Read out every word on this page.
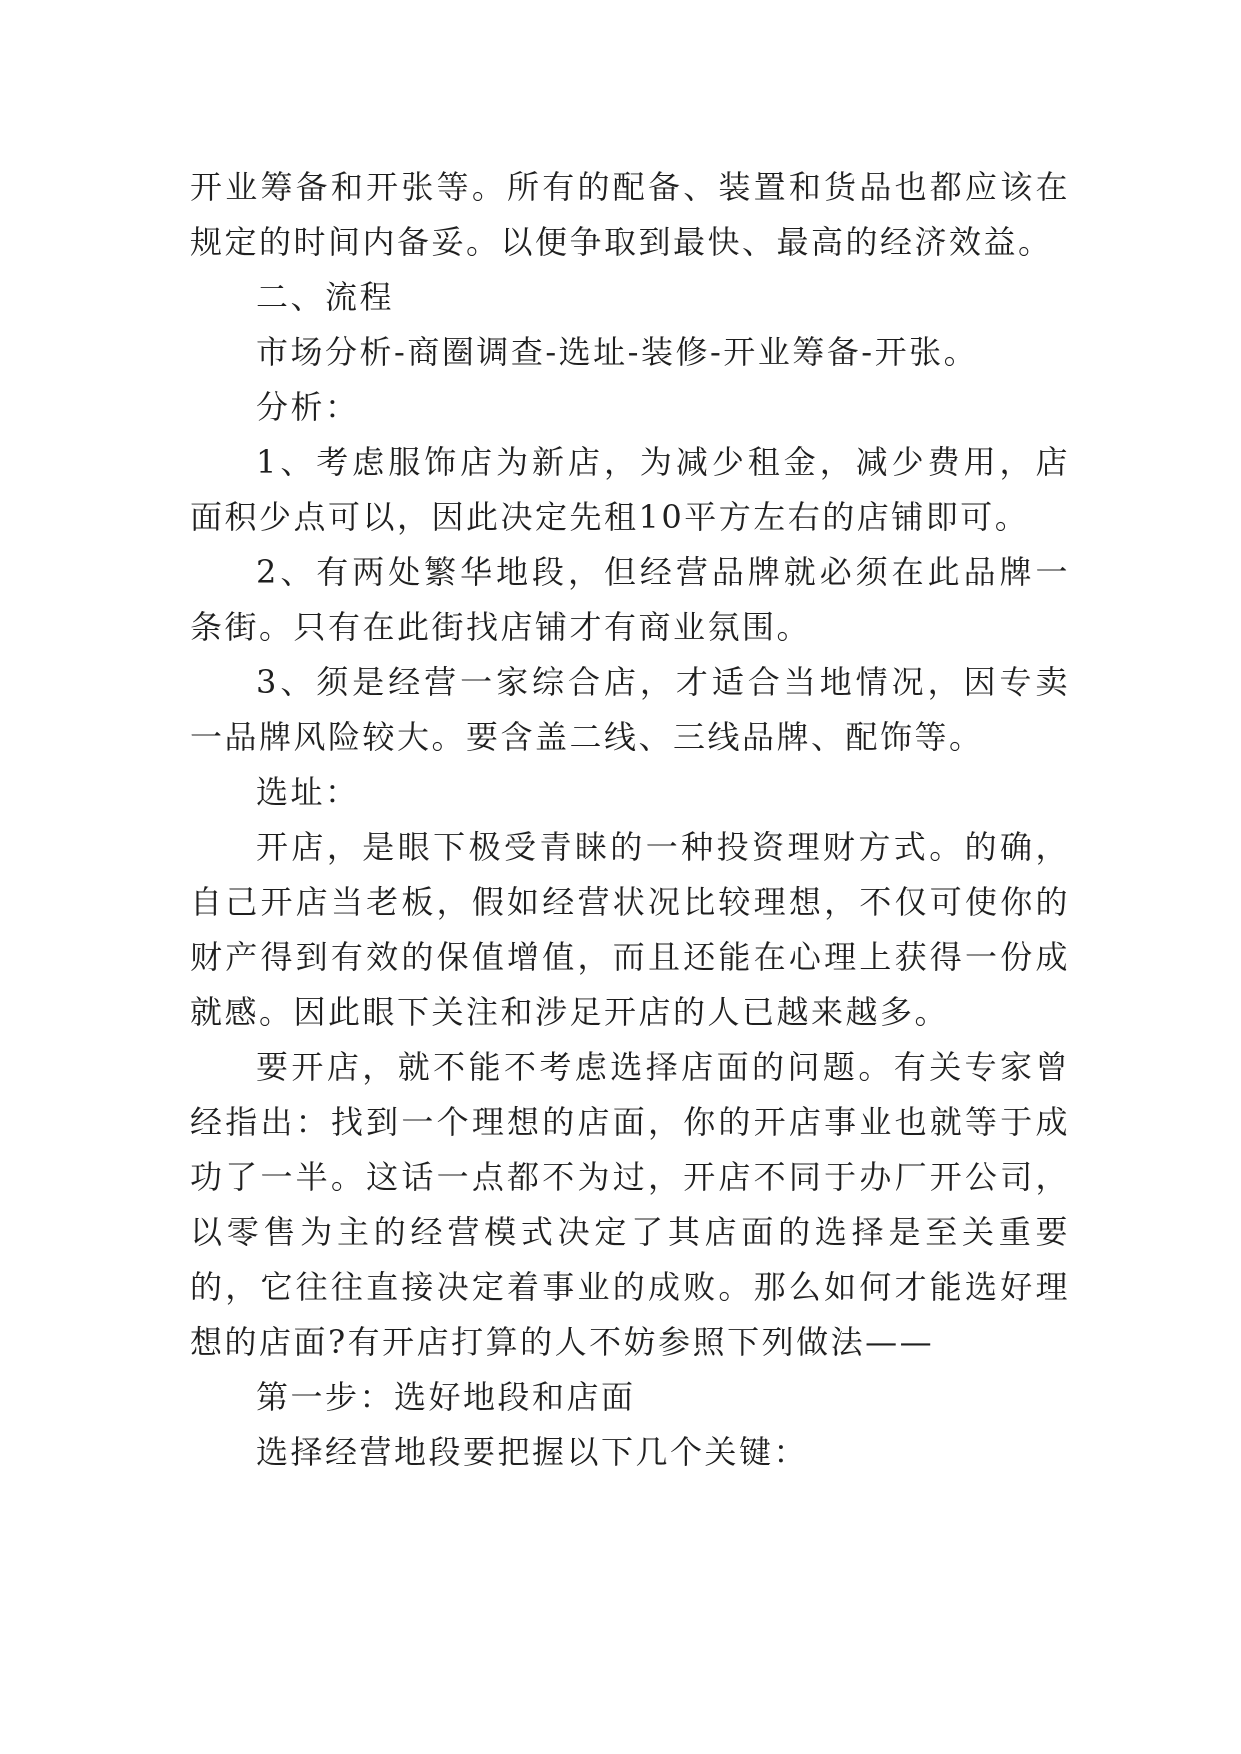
开业筹备和开张等。所有的配备、装置和货品也都应该在规定的时间内备妥。以便争取到最快、最高的经济效益。

二、流程

市场分析-商圈调查-选址-装修-开业筹备-开张。

分析：

1、考虑服饰店为新店，为减少租金，减少费用，店面积少点可以，因此决定先租10平方左右的店铺即可。

2、有两处繁华地段，但经营品牌就必须在此品牌一条街。只有在此街找店铺才有商业氛围。

3、须是经营一家综合店，才适合当地情况，因专卖一品牌风险较大。要含盖二线、三线品牌、配饰等。

选址：

开店，是眼下极受青睐的一种投资理财方式。的确，自己开店当老板，假如经营状况比较理想，不仅可使你的财产得到有效的保值增值，而且还能在心理上获得一份成就感。因此眼下关注和涉足开店的人已越来越多。

要开店，就不能不考虑选择店面的问题。有关专家曾经指出：找到一个理想的店面，你的开店事业也就等于成功了一半。这话一点都不为过，开店不同于办厂开公司，以零售为主的经营模式决定了其店面的选择是至关重要的，它往往直接决定着事业的成败。那么如何才能选好理想的店面?有开店打算的人不妨参照下列做法——

第一步：选好地段和店面

选择经营地段要把握以下几个关键：
